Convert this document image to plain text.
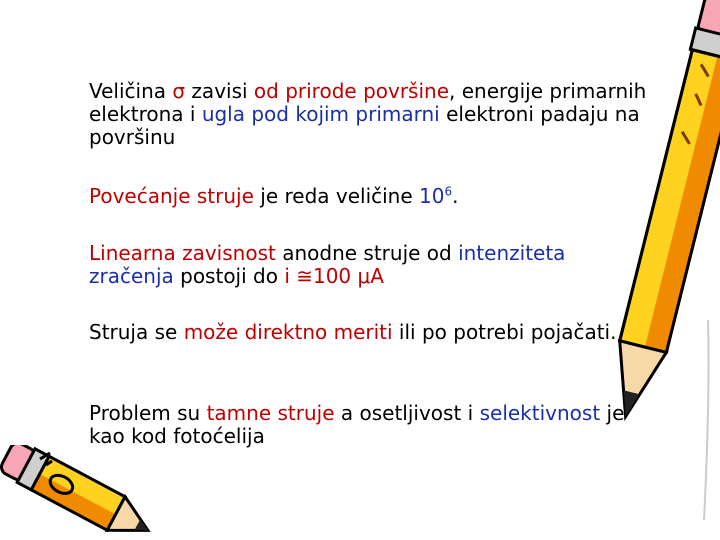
Veličina σ zavisi od prirode površine, energije primarnih elektrona i ugla pod kojim primarni elektroni padaju na površinu

Povećanje struje je reda veličine $10^6$.

Linearna zavisnost anodne struje od intenziteta zračenja postoji do i ≅100 μA

Struja se može direktno meriti ili po potrebi pojačati.

Problem su tamne struje a osetljivost i selektivnost je kao kod fotoćelija
